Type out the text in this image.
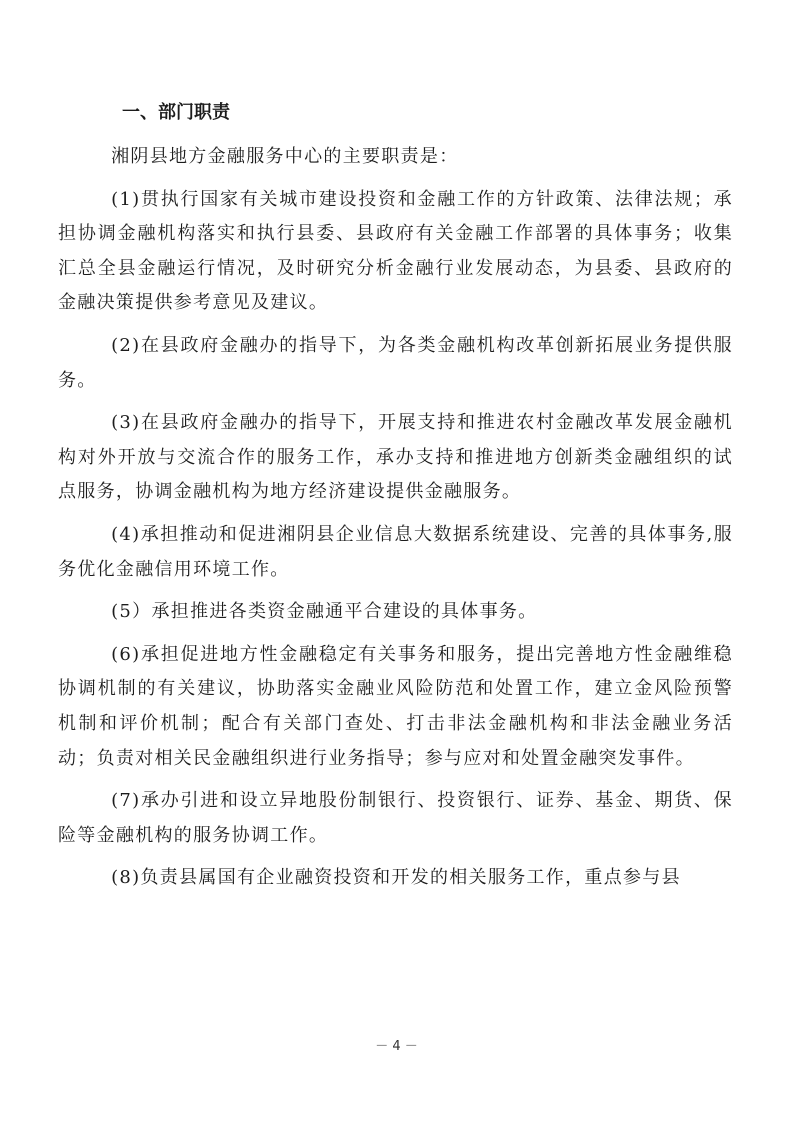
一、部门职责

湘阴县地方金融服务中心的主要职责是：

(1)贯执行国家有关城市建设投资和金融工作的方针政策、法律法规；承担协调金融机构落实和执行县委、县政府有关金融工作部署的具体事务；收集汇总全县金融运行情况，及时研究分析金融行业发展动态，为县委、县政府的金融决策提供参考意见及建议。

(2)在县政府金融办的指导下，为各类金融机构改革创新拓展业务提供服务。

(3)在县政府金融办的指导下，开展支持和推进农村金融改革发展金融机构对外开放与交流合作的服务工作，承办支持和推进地方创新类金融组织的试点服务，协调金融机构为地方经济建设提供金融服务。

(4)承担推动和促进湘阴县企业信息大数据系统建设、完善的具体事务,服务优化金融信用环境工作。

(5）承担推进各类资金融通平合建设的具体事务。

(6)承担促进地方性金融稳定有关事务和服务，提出完善地方性金融维稳协调机制的有关建议，协助落实金融业风险防范和处置工作，建立金风险预警机制和评价机制；配合有关部门查处、打击非法金融机构和非法金融业务活动；负责对相关民金融组织进行业务指导；参与应对和处置金融突发事件。

(7)承办引进和设立异地股份制银行、投资银行、证券、基金、期货、保险等金融机构的服务协调工作。

(8)负责县属国有企业融资投资和开发的相关服务工作，重点参与县

－ 4 －
